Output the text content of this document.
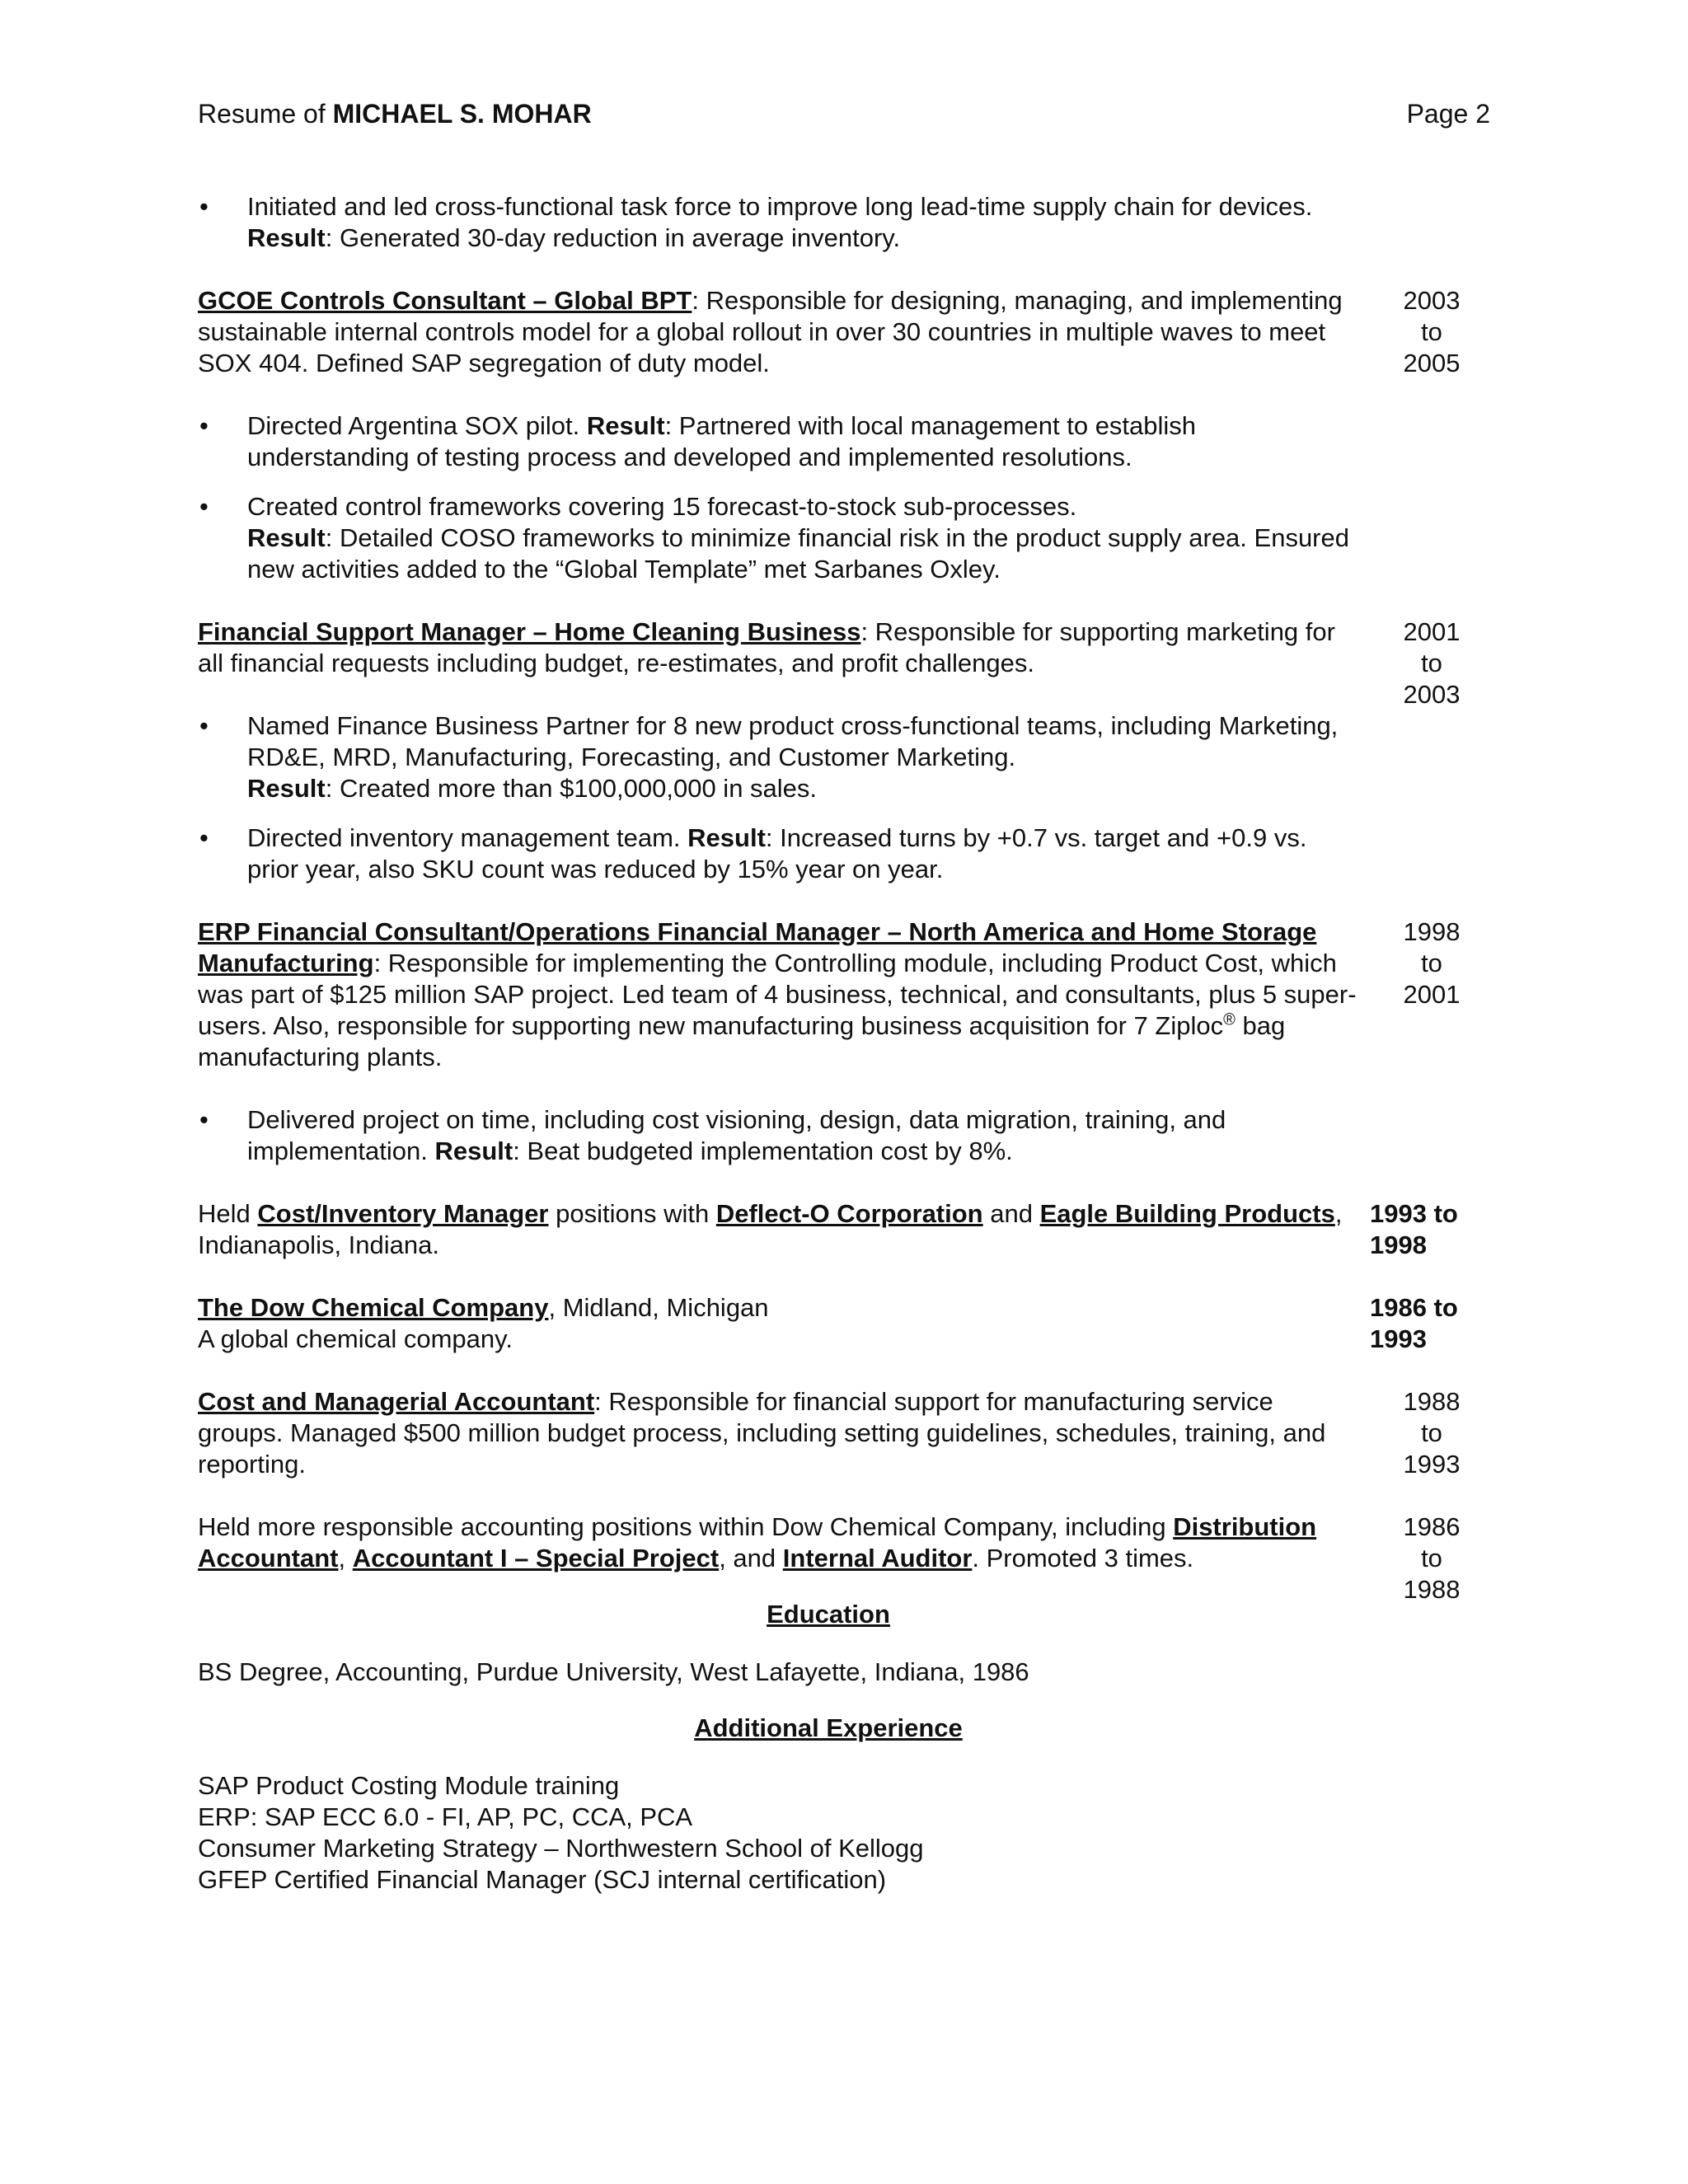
Resume of MICHAEL S. MOHAR	Page 2
• Initiated and led cross-functional task force to improve long lead-time supply chain for devices. Result: Generated 30-day reduction in average inventory.
GCOE Controls Consultant – Global BPT: Responsible for designing, managing, and implementing sustainable internal controls model for a global rollout in over 30 countries in multiple waves to meet SOX 404. Defined SAP segregation of duty model.
2003
to
2005
• Directed Argentina SOX pilot. Result: Partnered with local management to establish understanding of testing process and developed and implemented resolutions.
• Created control frameworks covering 15 forecast-to-stock sub-processes.
Result: Detailed COSO frameworks to minimize financial risk in the product supply area. Ensured new activities added to the “Global Template” met Sarbanes Oxley.
Financial Support Manager – Home Cleaning Business: Responsible for supporting marketing for all financial requests including budget, re-estimates, and profit challenges.
2001
to
2003
• Named Finance Business Partner for 8 new product cross-functional teams, including Marketing, RD&E, MRD, Manufacturing, Forecasting, and Customer Marketing.
Result: Created more than $100,000,000 in sales.
• Directed inventory management team. Result: Increased turns by +0.7 vs. target and +0.9 vs. prior year, also SKU count was reduced by 15% year on year.
ERP Financial Consultant/Operations Financial Manager – North America and Home Storage Manufacturing: Responsible for implementing the Controlling module, including Product Cost, which was part of $125 million SAP project. Led team of 4 business, technical, and consultants, plus 5 super-users. Also, responsible for supporting new manufacturing business acquisition for 7 Ziploc® bag manufacturing plants.
1998
to
2001
• Delivered project on time, including cost visioning, design, data migration, training, and implementation. Result: Beat budgeted implementation cost by 8%.
Held Cost/Inventory Manager positions with Deflect-O Corporation and Eagle Building Products, Indianapolis, Indiana.
1993 to
1998
The Dow Chemical Company, Midland, Michigan
A global chemical company.
1986 to
1993
Cost and Managerial Accountant: Responsible for financial support for manufacturing service groups. Managed $500 million budget process, including setting guidelines, schedules, training, and reporting.
1988
to
1993
Held more responsible accounting positions within Dow Chemical Company, including Distribution Accountant, Accountant I – Special Project, and Internal Auditor. Promoted 3 times.
1986
to
1988
Education
BS Degree, Accounting, Purdue University, West Lafayette, Indiana, 1986
Additional Experience
SAP Product Costing Module training
ERP: SAP ECC 6.0 - FI, AP, PC, CCA, PCA
Consumer Marketing Strategy – Northwestern School of Kellogg
GFEP Certified Financial Manager (SCJ internal certification)
